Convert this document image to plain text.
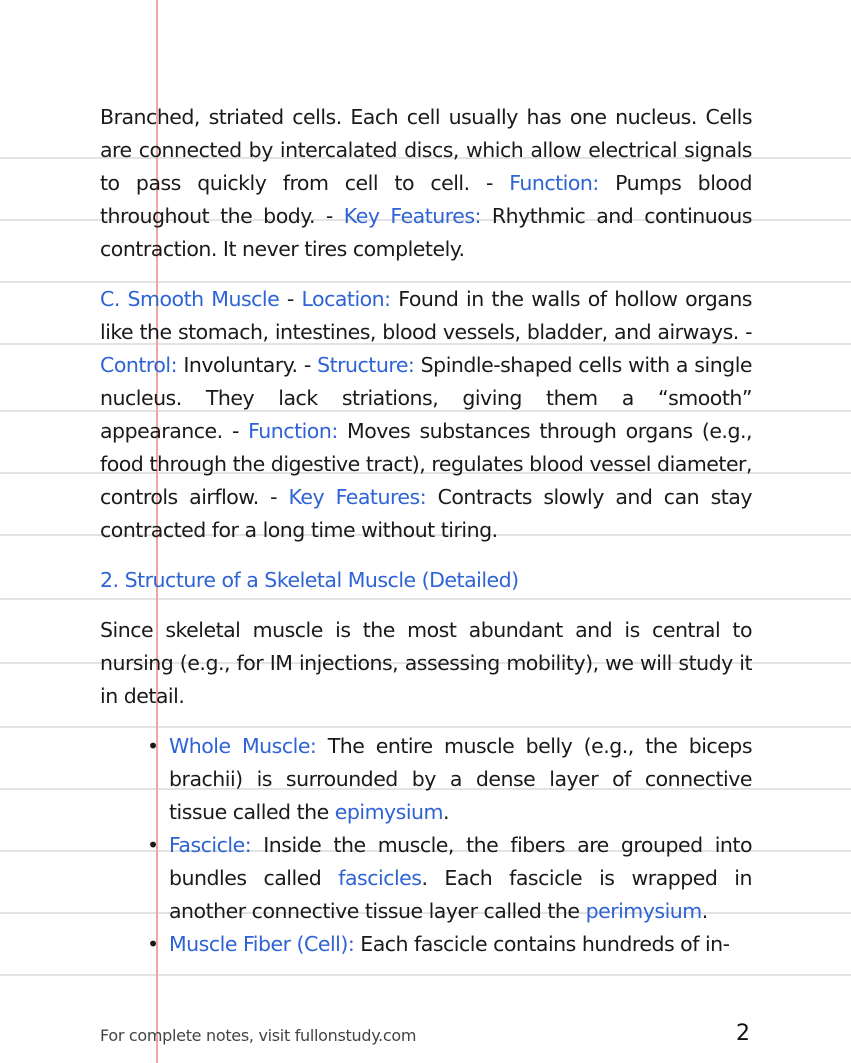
Branched, striated cells. Each cell usually has one nucleus. Cells are connected by intercalated discs, which allow electrical signals to pass quickly from cell to cell. - Function: Pumps blood throughout the body. - Key Features: Rhythmic and continuous contraction. It never tires completely.

C. Smooth Muscle - Location: Found in the walls of hollow organs like the stomach, intestines, blood vessels, bladder, and airways. - Control: Involuntary. - Structure: Spindle-shaped cells with a single nucleus. They lack striations, giving them a “smooth” appearance. - Function: Moves substances through organs (e.g., food through the digestive tract), regulates blood vessel diameter, controls airflow. - Key Features: Contracts slowly and can stay contracted for a long time without tiring.

2. Structure of a Skeletal Muscle (Detailed)

Since skeletal muscle is the most abundant and is central to nursing (e.g., for IM injections, assessing mobility), we will study it in detail.

• Whole Muscle: The entire muscle belly (e.g., the biceps brachii) is surrounded by a dense layer of connective tissue called the epimysium.
• Fascicle: Inside the muscle, the fibers are grouped into bundles called fascicles. Each fascicle is wrapped in another connective tissue layer called the perimysium.
• Muscle Fiber (Cell): Each fascicle contains hundreds of in-
For complete notes, visit fullonstudy.com	2
